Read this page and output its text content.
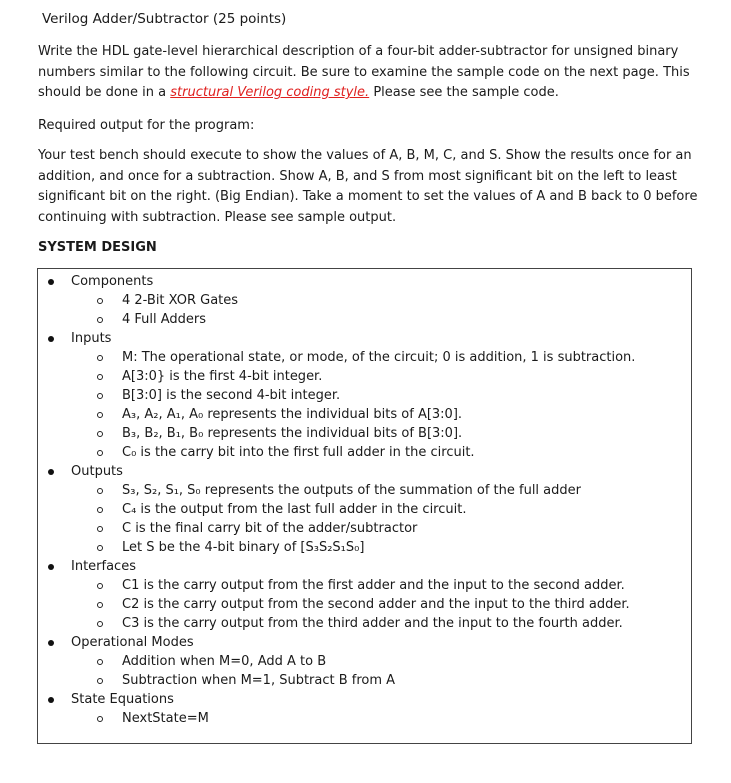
Verilog Adder/Subtractor (25 points)
Write the HDL gate-level hierarchical description of a four-bit adder-subtractor for unsigned binary numbers similar to the following circuit. Be sure to examine the sample code on the next page. This should be done in a structural Verilog coding style. Please see the sample code.
Required output for the program:
Your test bench should execute to show the values of A, B, M, C, and S. Show the results once for an addition, and once for a subtraction. Show A, B, and S from most significant bit on the left to least significant bit on the right. (Big Endian). Take a moment to set the values of A and B back to 0 before continuing with subtraction. Please see sample output.
SYSTEM DESIGN
Components
4 2-Bit XOR Gates
4 Full Adders
Inputs
M: The operational state, or mode, of the circuit; 0 is addition, 1 is subtraction.
A[3:0} is the first 4-bit integer.
B[3:0] is the second 4-bit integer.
A₃, A₂, A₁, A₀ represents the individual bits of A[3:0].
B₃, B₂, B₁, B₀ represents the individual bits of B[3:0].
C₀ is the carry bit into the first full adder in the circuit.
Outputs
S₃, S₂, S₁, S₀ represents the outputs of the summation of the full adder
C₄ is the output from the last full adder in the circuit.
C is the final carry bit of the adder/subtractor
Let S be the 4-bit binary of [S₃S₂S₁S₀]
Interfaces
C1 is the carry output from the first adder and the input to the second adder.
C2 is the carry output from the second adder and the input to the third adder.
C3 is the carry output from the third adder and the input to the fourth adder.
Operational Modes
Addition when M=0, Add A to B
Subtraction when M=1, Subtract B from A
State Equations
NextState=M
